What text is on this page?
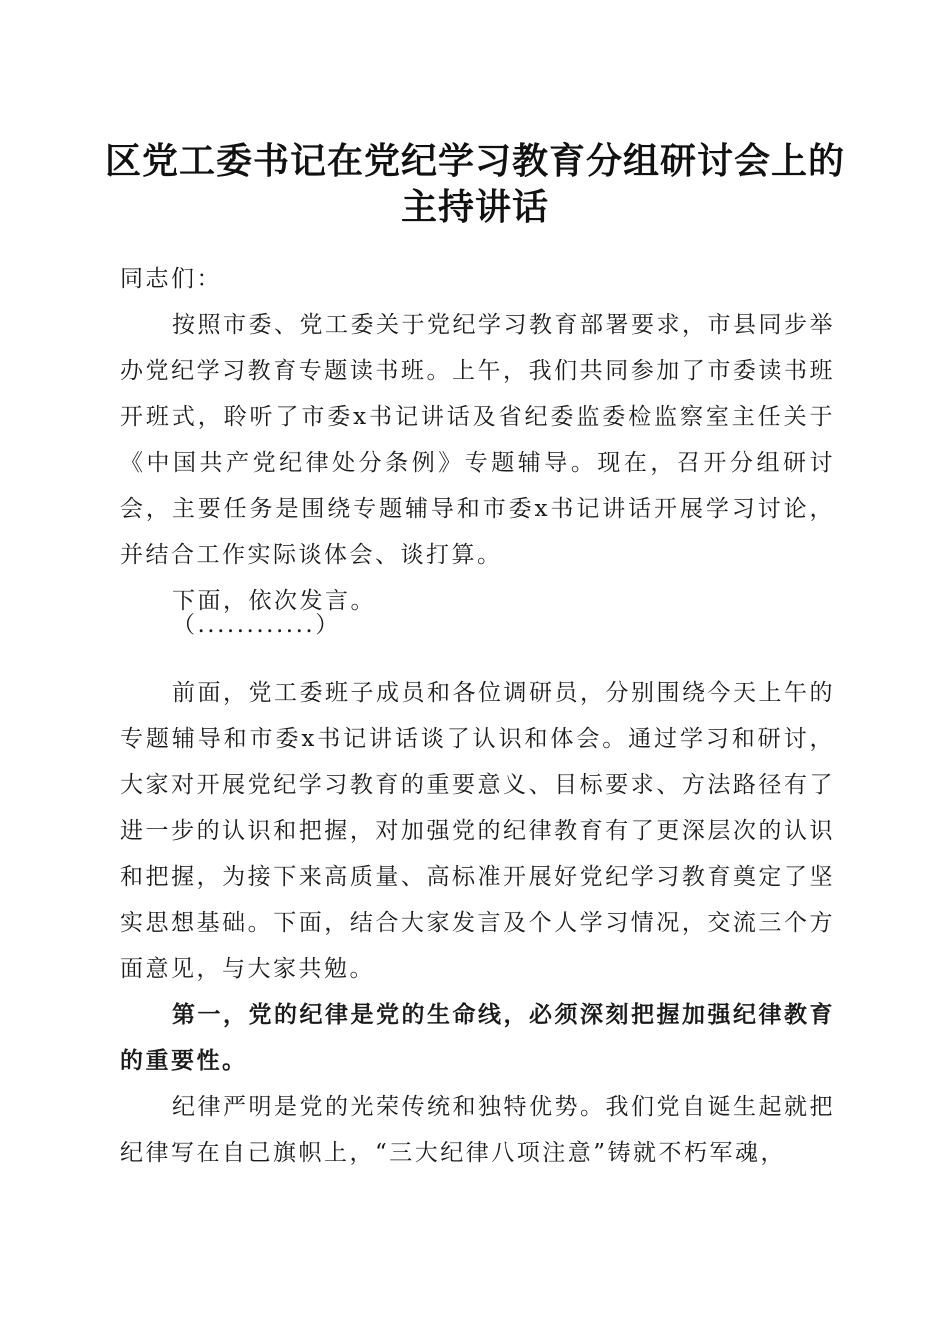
区党工委书记在党纪学习教育分组研讨会上的
主持讲话
同志们：

按照市委、党工委关于党纪学习教育部署要求，市县同步举办党纪学习教育专题读书班。上午，我们共同参加了市委读书班开班式，聆听了市委x书记讲话及省纪委监委检监察室主任关于《中国共产党纪律处分条例》专题辅导。现在，召开分组研讨会，主要任务是围绕专题辅导和市委x书记讲话开展学习讨论，并结合工作实际谈体会、谈打算。

下面，依次发言。

（............）

前面，党工委班子成员和各位调研员，分别围绕今天上午的专题辅导和市委x书记讲话谈了认识和体会。通过学习和研讨，大家对开展党纪学习教育的重要意义、目标要求、方法路径有了进一步的认识和把握，对加强党的纪律教育有了更深层次的认识和把握，为接下来高质量、高标准开展好党纪学习教育奠定了坚实思想基础。下面，结合大家发言及个人学习情况，交流三个方面意见，与大家共勉。

第一，党的纪律是党的生命线，必须深刻把握加强纪律教育的重要性。

纪律严明是党的光荣传统和独特优势。我们党自诞生起就把纪律写在自己旗帜上，“三大纪律八项注意”铸就不朽军魂，
